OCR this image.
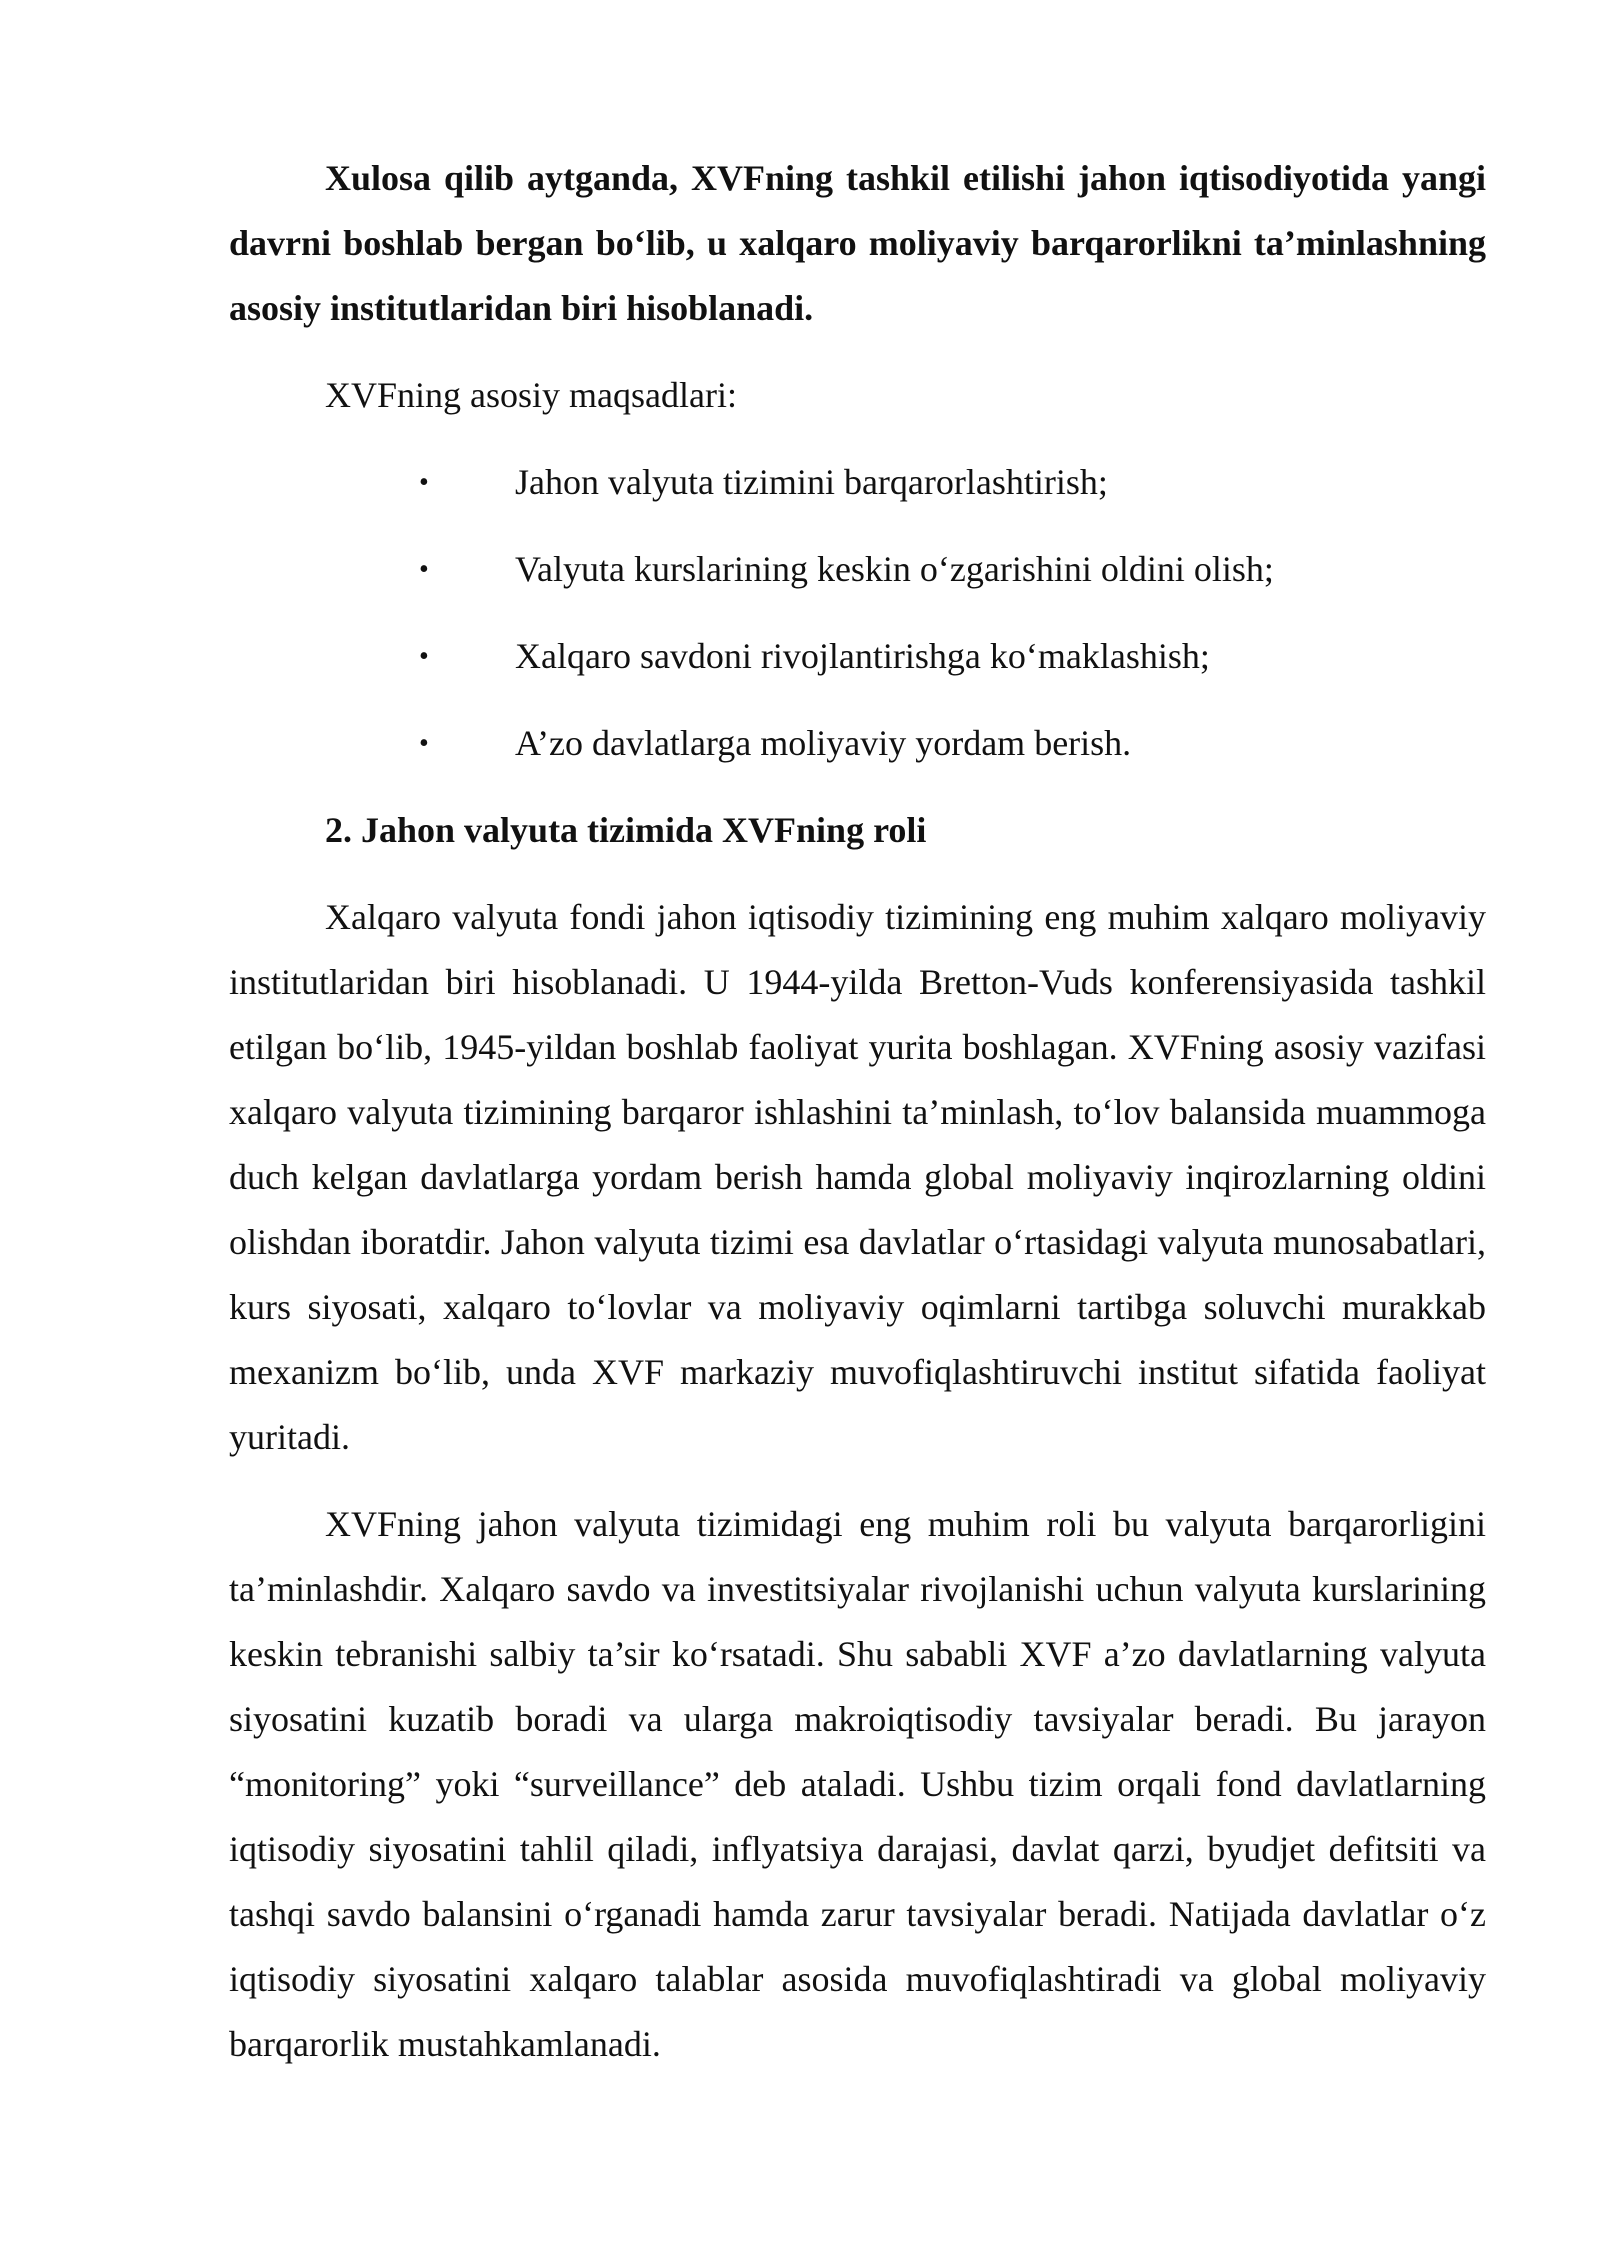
Xulosa qilib aytganda, XVFning tashkil etilishi jahon iqtisodiyotida yangi davrni boshlab bergan bo‘lib, u xalqaro moliyaviy barqarorlikni ta’minlashning asosiy institutlaridan biri hisoblanadi.

XVFning asosiy maqsadlari:

• Jahon valyuta tizimini barqarorlashtirish;
• Valyuta kurslarining keskin o‘zgarishini oldini olish;
• Xalqaro savdoni rivojlantirishga ko‘maklashish;
• A’zo davlatlarga moliyaviy yordam berish.

2. Jahon valyuta tizimida XVFning roli

Xalqaro valyuta fondi jahon iqtisodiy tizimining eng muhim xalqaro moliyaviy institutlaridan biri hisoblanadi. U 1944-yilda Bretton-Vuds konferensiyasida tashkil etilgan bo‘lib, 1945-yildan boshlab faoliyat yurita boshlagan. XVFning asosiy vazifasi xalqaro valyuta tizimining barqaror ishlashini ta’minlash, to‘lov balansida muammoga duch kelgan davlatlarga yordam berish hamda global moliyaviy inqirozlarning oldini olishdan iboratdir. Jahon valyuta tizimi esa davlatlar o‘rtasidagi valyuta munosabatlari, kurs siyosati, xalqaro to‘lovlar va moliyaviy oqimlarni tartibga soluvchi murakkab mexanizm bo‘lib, unda XVF markaziy muvofiqlashtiruvchi institut sifatida faoliyat yuritadi.

XVFning jahon valyuta tizimidagi eng muhim roli bu valyuta barqarorligini ta’minlashdir. Xalqaro savdo va investitsiyalar rivojlanishi uchun valyuta kurslarining keskin tebranishi salbiy ta’sir ko‘rsatadi. Shu sababli XVF a’zo davlatlarning valyuta siyosatini kuzatib boradi va ularga makroiqtisodiy tavsiyalar beradi. Bu jarayon “monitoring” yoki “surveillance” deb ataladi. Ushbu tizim orqali fond davlatlarning iqtisodiy siyosatini tahlil qiladi, inflyatsiya darajasi, davlat qarzi, byudjet defitsiti va tashqi savdo balansini o‘rganadi hamda zarur tavsiyalar beradi. Natijada davlatlar o‘z iqtisodiy siyosatini xalqaro talablar asosida muvofiqlashtiradi va global moliyaviy barqarorlik mustahkamlanadi.
